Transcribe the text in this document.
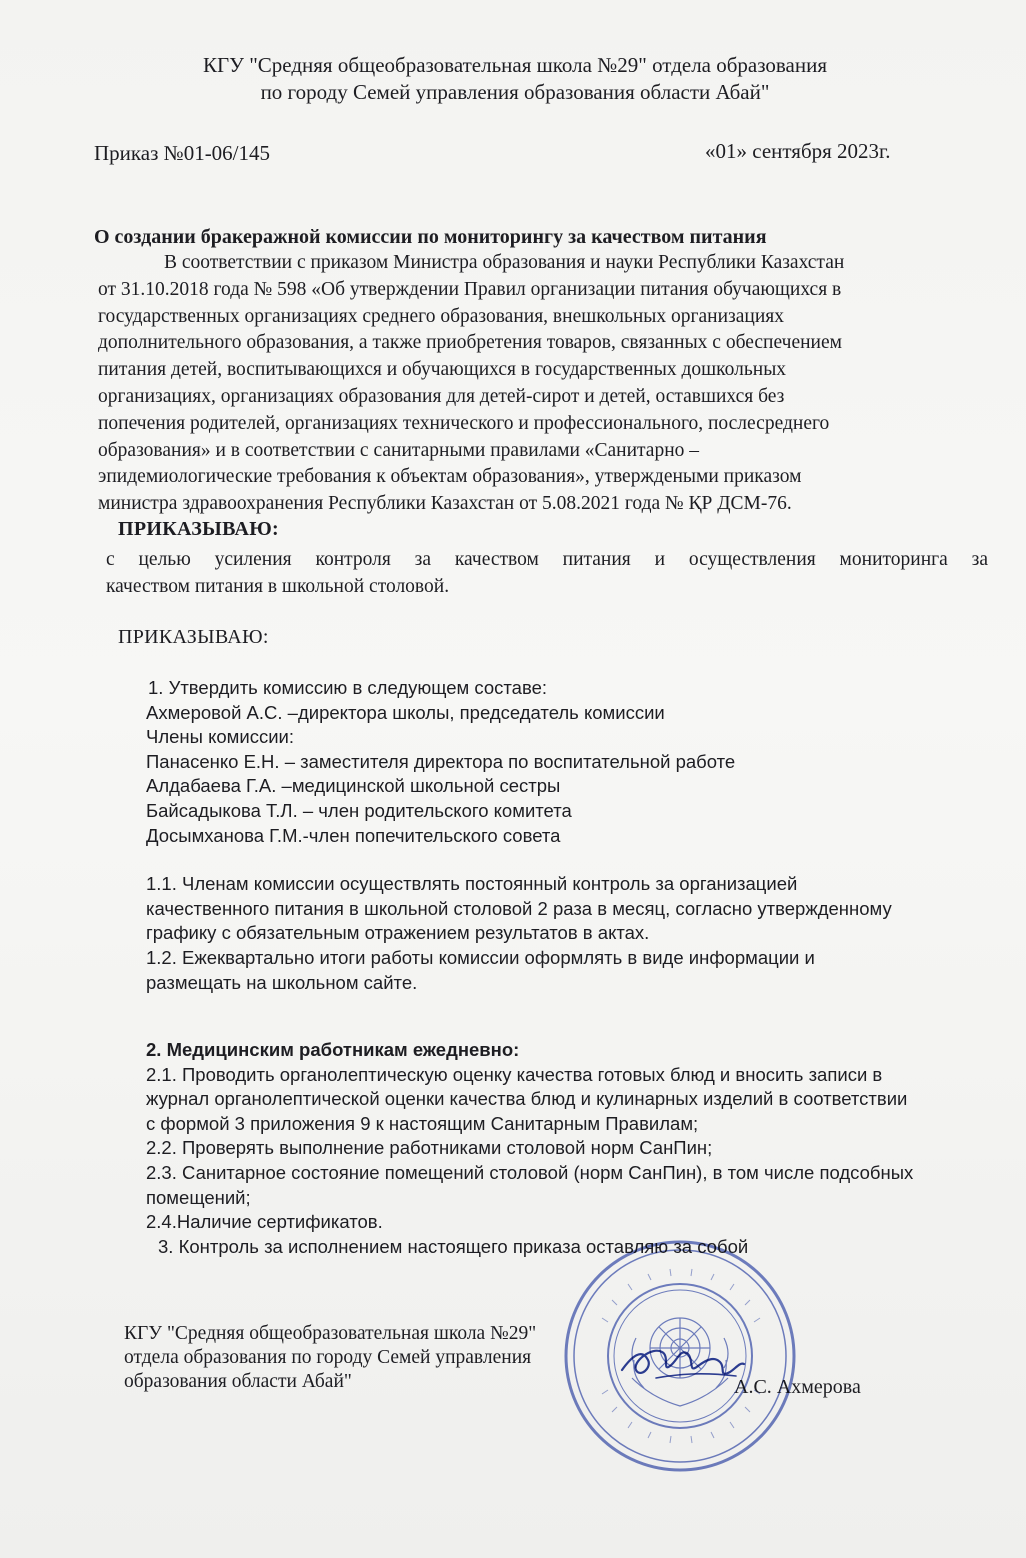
КГУ "Средняя общеобразовательная школа №29" отдела образования
по городу Семей управления образования области Абай"
Приказ №01-06/145	«01» сентября 2023г.
О создании бракеражной комиссии по мониторингу за качеством питания
В соответствии с приказом Министра образования и науки Республики Казахстан
от 31.10.2018 года № 598 «Об утверждении Правил организации питания обучающихся в
государственных организациях среднего образования, внешкольных организациях
дополнительного образования, а также приобретения товаров, связанных с обеспечением
питания детей, воспитывающихся и обучающихся в государственных дошкольных
организациях, организациях образования для детей-сирот и детей, оставшихся без
попечения родителей, организациях технического и профессионального, послесреднего
образования» и в соответствии с санитарными правилами «Санитарно –
эпидемиологические требования к объектам образования», утверждеными приказом
министра здравоохранения Республики Казахстан от 5.08.2021 года № ҚР ДСМ-76.
ПРИКАЗЫВАЮ:
с целью усиления контроля за качеством питания и осуществления мониторинга за
качеством питания в школьной столовой.
ПРИКАЗЫВАЮ:
1. Утвердить комиссию в следующем составе:
Ахмеровой А.С. –директора школы, председатель комиссии
Члены комиссии:
Панасенко Е.Н. – заместителя директора по воспитательной работе
Алдабаева Г.А. –медицинской школьной сестры
Байсадыкова Т.Л. – член родительского комитета
Досымханова Г.М.-член попечительского совета
1.1. Членам комиссии осуществлять постоянный контроль за организацией
качественного питания в школьной столовой 2 раза в месяц, согласно утвержденному
графику с обязательным отражением результатов в актах.
1.2. Ежеквартально итоги работы комиссии оформлять в виде информации и
размещать на школьном сайте.
2. Медицинским работникам ежедневно:
2.1. Проводить органолептическую оценку качества готовых блюд и вносить записи в
журнал органолептической оценки качества блюд и кулинарных изделий в соответствии
с формой 3 приложения 9 к настоящим Санитарным Правилам;
2.2. Проверять выполнение работниками столовой норм СанПин;
2.3. Санитарное состояние помещений столовой (норм СанПин), в том числе подсобных
помещений;
2.4.Наличие сертификатов.
3. Контроль за исполнением настоящего приказа оставляю за собой
КГУ "Средняя общеобразовательная школа №29"
отдела образования по городу Семей управления
образования области Абай"	А.С. Ахмерова
